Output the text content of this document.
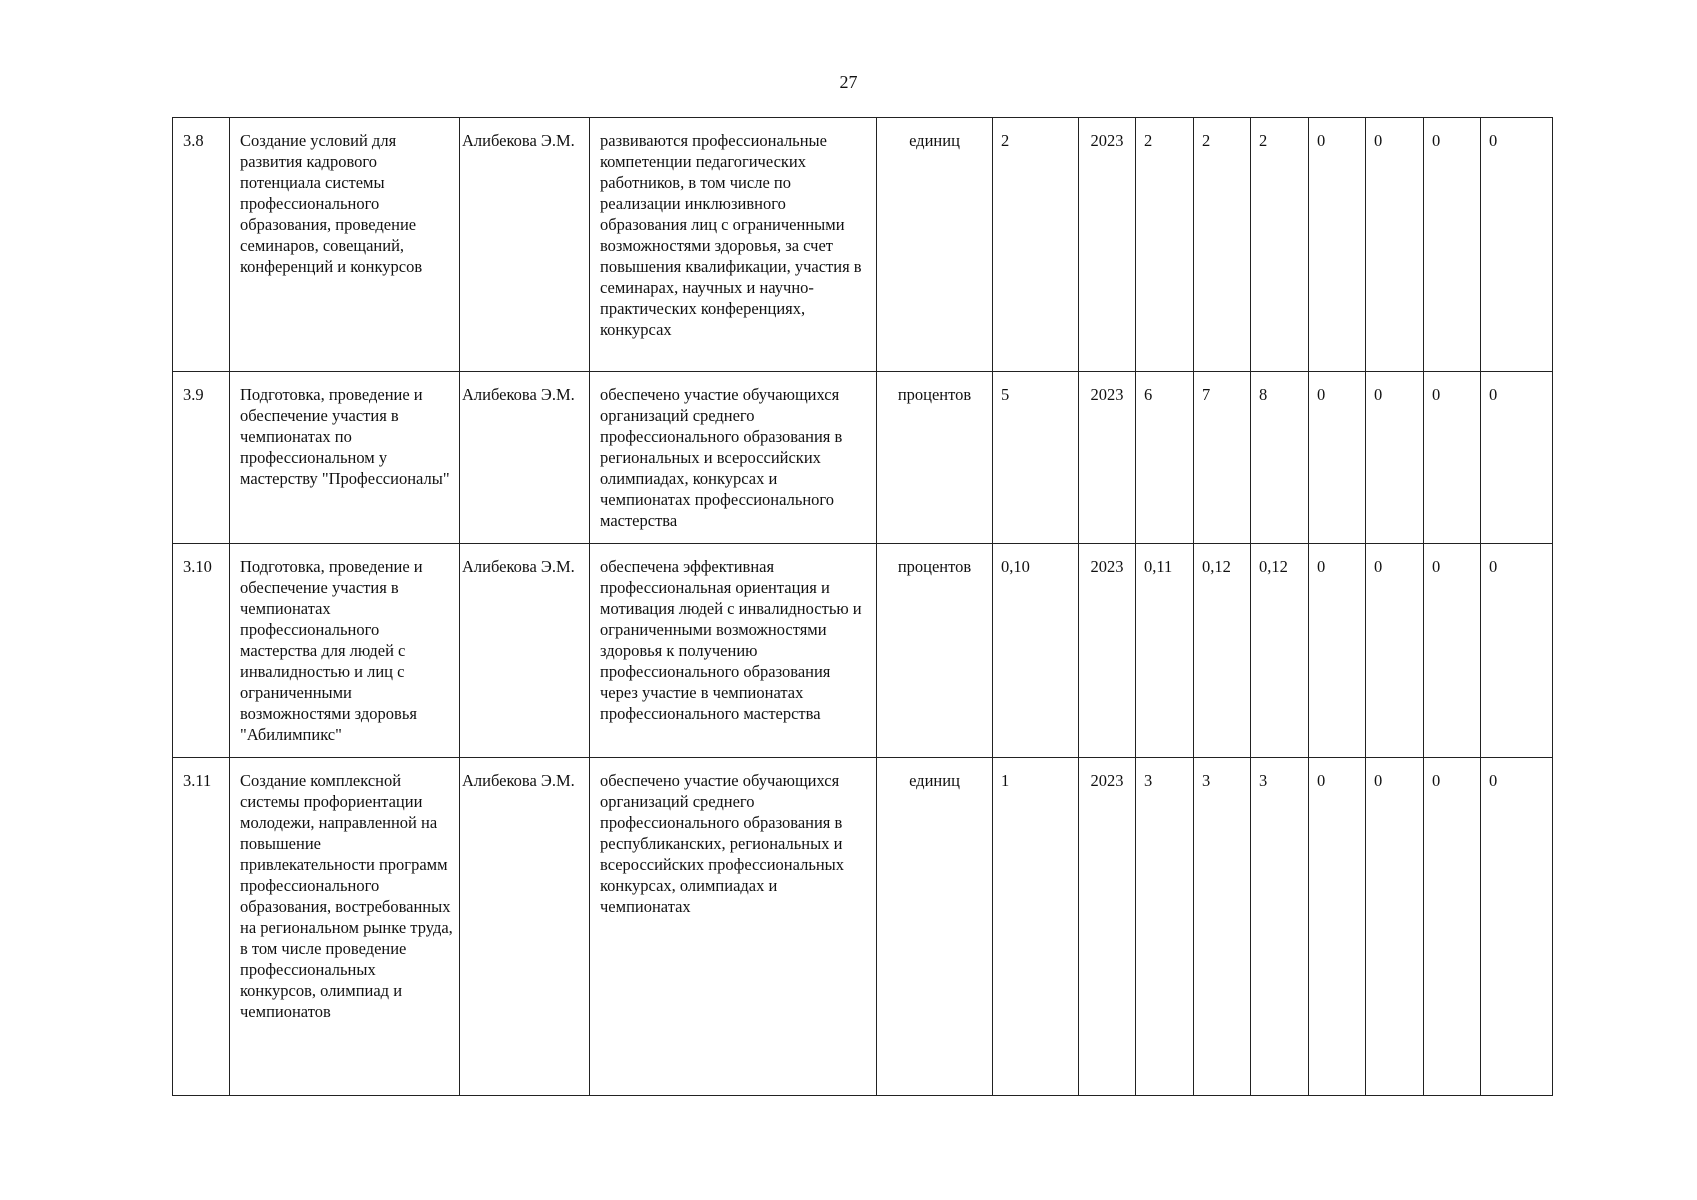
27
3.8	Создание условий для развития кадрового потенциала системы профессионального образования, проведение семинаров, совещаний, конференций и конкурсов	Алибекова Э.М.	развиваются профессиональные компетенции педагогических работников, в том числе по реализации инклюзивного образования лиц с ограниченными возможностями здоровья, за счет повышения квалификации, участия в семинарах, научных и научно-практических конференциях, конкурсах	единиц	2	2023	2	2	2	0	0	0	0
3.9	Подготовка, проведение и обеспечение участия в чемпионатах по профессиональном у мастерству "Профессионалы"	Алибекова Э.М.	обеспечено участие обучающихся организаций среднего профессионального образования в региональных и всероссийских олимпиадах, конкурсах и чемпионатах профессионального мастерства	процентов	5	2023	6	7	8	0	0	0	0
3.10	Подготовка, проведение и обеспечение участия в чемпионатах профессионального мастерства для людей с инвалидностью и лиц с ограниченными возможностями здоровья "Абилимпикс"	Алибекова Э.М.	обеспечена эффективная профессиональная ориентация и мотивация людей с инвалидностью и ограниченными возможностями здоровья к получению профессионального образования через участие в чемпионатах профессионального мастерства	процентов	0,10	2023	0,11	0,12	0,12	0	0	0	0
3.11	Создание комплексной системы профориентации молодежи, направленной на повышение привлекательности программ профессионального образования, востребованных на региональном рынке труда, в том числе проведение профессиональных конкурсов, олимпиад и чемпионатов	Алибекова Э.М.	обеспечено участие обучающихся организаций среднего профессионального образования в республиканских, региональных и всероссийских профессиональных конкурсах, олимпиадах и чемпионатах	единиц	1	2023	3	3	3	0	0	0	0
